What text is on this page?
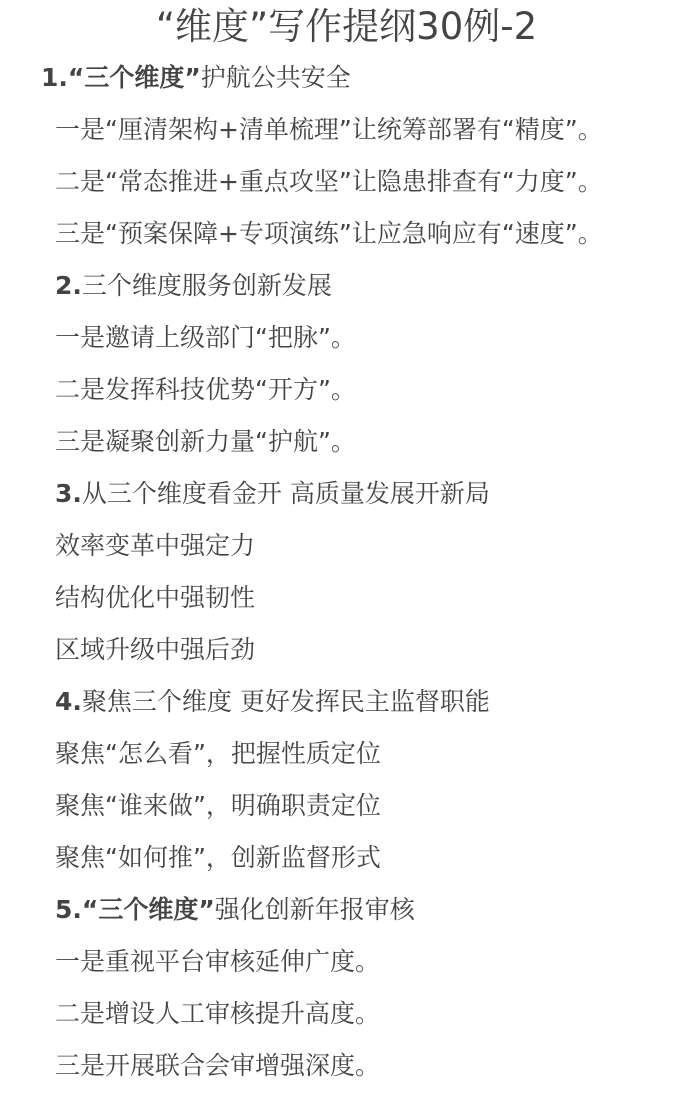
“维度”写作提纲30例-2
1.“三个维度”护航公共安全
一是“厘清架构+清单梳理”让统筹部署有“精度”。
二是“常态推进+重点攻坚”让隐患排查有“力度”。
三是“预案保障+专项演练”让应急响应有“速度”。
2.三个维度服务创新发展
一是邀请上级部门“把脉”。
二是发挥科技优势“开方”。
三是凝聚创新力量“护航”。
3.从三个维度看金开 高质量发展开新局
效率变革中强定力
结构优化中强韧性
区域升级中强后劲
4.聚焦三个维度 更好发挥民主监督职能
聚焦“怎么看”，把握性质定位
聚焦“谁来做”，明确职责定位
聚焦“如何推”，创新监督形式
5.“三个维度”强化创新年报审核
一是重视平台审核延伸广度。
二是增设人工审核提升高度。
三是开展联合会审增强深度。
